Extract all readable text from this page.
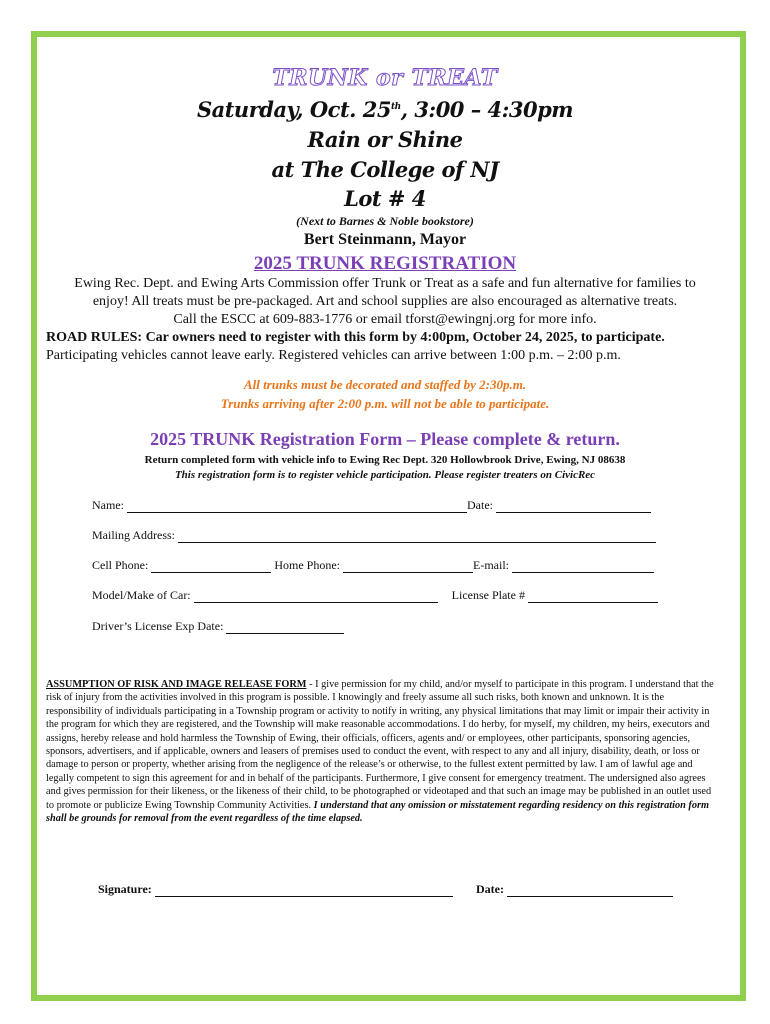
TRUNK or TREAT
Saturday, Oct. 25th, 3:00 – 4:30pm
Rain or Shine
at The College of NJ
Lot # 4
(Next to Barnes & Noble bookstore)
Bert Steinmann, Mayor
2025 TRUNK REGISTRATION
Ewing Rec. Dept. and Ewing Arts Commission offer Trunk or Treat as a safe and fun alternative for families to
enjoy! All treats must be pre-packaged. Art and school supplies are also encouraged as alternative treats.
Call the ESCC at 609-883-1776 or email tforst@ewingnj.org for more info.
ROAD RULES: Car owners need to register with this form by 4:00pm, October 24, 2025, to participate.
Participating vehicles cannot leave early. Registered vehicles can arrive between 1:00 p.m. – 2:00 p.m.
All trunks must be decorated and staffed by 2:30p.m.
Trunks arriving after 2:00 p.m. will not be able to participate.
2025 TRUNK Registration Form – Please complete & return.
Return completed form with vehicle info to Ewing Rec Dept. 320 Hollowbrook Drive, Ewing, NJ 08638
This registration form is to register vehicle participation. Please register treaters on CivicRec
Name:	Date:
Mailing Address:
Cell Phone:	Home Phone:	E-mail:
Model/Make of Car:	License Plate #
Driver’s License Exp Date:
ASSUMPTION OF RISK AND IMAGE RELEASE FORM - I give permission for my child, and/or myself to participate in this program. I understand that the risk of injury from the activities involved in this program is possible. I knowingly and freely assume all such risks, both known and unknown. It is the responsibility of individuals participating in a Township program or activity to notify in writing, any physical limitations that may limit or impair their activity in the program for which they are registered, and the Township will make reasonable accommodations. I do herby, for myself, my children, my heirs, executors and assigns, hereby release and hold harmless the Township of Ewing, their officials, officers, agents and/ or employees, other participants, sponsoring agencies, sponsors, advertisers, and if applicable, owners and leasers of premises used to conduct the event, with respect to any and all injury, disability, death, or loss or damage to person or property, whether arising from the negligence of the release’s or otherwise, to the fullest extent permitted by law. I am of lawful age and legally competent to sign this agreement for and in behalf of the participants. Furthermore, I give consent for emergency treatment. The undersigned also agrees and gives permission for their likeness, or the likeness of their child, to be photographed or videotaped and that such an image may be published in an outlet used to promote or publicize Ewing Township Community Activities. I understand that any omission or misstatement regarding residency on this registration form shall be grounds for removal from the event regardless of the time elapsed.
Signature:	Date:
